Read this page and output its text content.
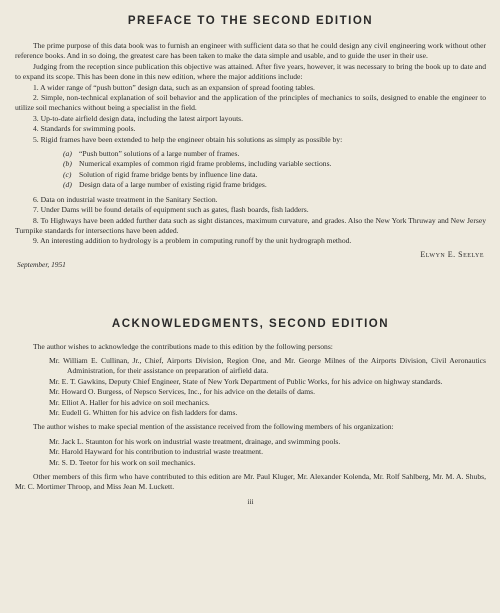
PREFACE TO THE SECOND EDITION

The prime purpose of this data book was to furnish an engineer with sufficient data so that he could design any civil engineering work without other reference books. And in so doing, the greatest care has been taken to make the data simple and usable, and to guide the user in their use.

Judging from the reception since publication this objective was attained. After five years, however, it was necessary to bring the book up to date and to expand its scope. This has been done in this new edition, where the major additions include:

1. A wider range of “push button” design data, such as an expansion of spread footing tables.

2. Simple, non-technical explanation of soil behavior and the application of the principles of mechanics to soils, designed to enable the engineer to utilize soil mechanics without being a specialist in the field.

3. Up-to-date airfield design data, including the latest airport layouts.

4. Standards for swimming pools.

5. Rigid frames have been extended to help the engineer obtain his solutions as simply as possible by:

(a) “Push button” solutions of a large number of frames.

(b) Numerical examples of common rigid frame problems, including variable sections.

(c) Solution of rigid frame bridge bents by influence line data.

(d) Design data of a large number of existing rigid frame bridges.

6. Data on industrial waste treatment in the Sanitary Section.

7. Under Dams will be found details of equipment such as gates, flash boards, fish ladders.

8. To Highways have been added further data such as sight distances, maximum curvature, and grades. Also the New York Thruway and New Jersey Turnpike standards for intersections have been added.

9. An interesting addition to hydrology is a problem in computing runoff by the unit hydrograph method.

Elwyn E. Seelye

September, 1951

ACKNOWLEDGMENTS, SECOND EDITION

The author wishes to acknowledge the contributions made to this edition by the following persons:

Mr. William E. Cullinan, Jr., Chief, Airports Division, Region One, and Mr. George Milnes of the Airports Division, Civil Aeronautics Administration, for their assistance on preparation of airfield data.

Mr. E. T. Gawkins, Deputy Chief Engineer, State of New York Department of Public Works, for his advice on highway standards.

Mr. Howard O. Burgess, of Nepsco Services, Inc., for his advice on the details of dams.

Mr. Elliot A. Haller for his advice on soil mechanics.

Mr. Eudell G. Whitten for his advice on fish ladders for dams.

The author wishes to make special mention of the assistance received from the following members of his organization:

Mr. Jack L. Staunton for his work on industrial waste treatment, drainage, and swimming pools.

Mr. Harold Hayward for his contribution to industrial waste treatment.

Mr. S. D. Teetor for his work on soil mechanics.

Other members of this firm who have contributed to this edition are Mr. Paul Kluger, Mr. Alexander Kolenda, Mr. Rolf Sahlberg, Mr. M. A. Shubs, Mr. C. Mortimer Throop, and Miss Jean M. Luckett.

iii
